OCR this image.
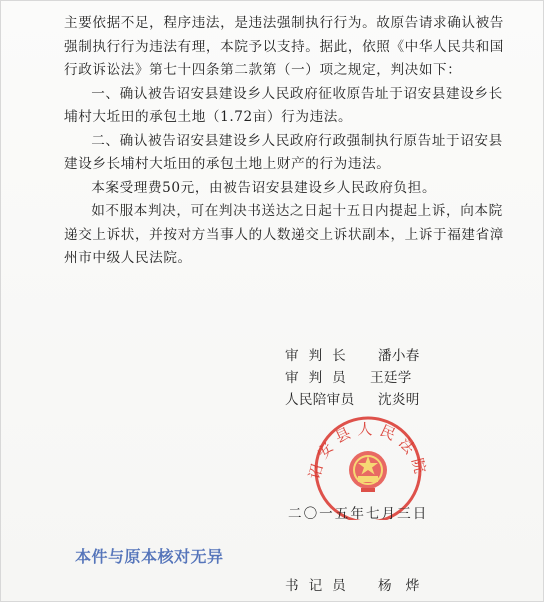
主要依据不足，程序违法，是违法强制执行行为。故原告请求确认被告强制执行行为违法有理，本院予以支持。据此，依照《中华人民共和国行政诉讼法》第七十四条第二款第（一）项之规定，判决如下：

一、确认被告诏安县建设乡人民政府征收原告址于诏安县建设乡长埔村大坵田的承包土地（1.72亩）行为违法。

二、确认被告诏安县建设乡人民政府行政强制执行原告址于诏安县建设乡长埔村大坵田的承包土地上财产的行为违法。

本案受理费50元，由被告诏安县建设乡人民政府负担。

如不服本判决，可在判决书送达之日起十五日内提起上诉，向本院递交上诉状，并按对方当事人的人数递交上诉状副本，上诉于福建省漳州市中级人民法院。

审判长 潘小春
审判员 王廷学
人民陪审员 沈炎明
诏安县人民法院
二〇一五年七月三日
本件与原本核对无异
书记员 杨烨
